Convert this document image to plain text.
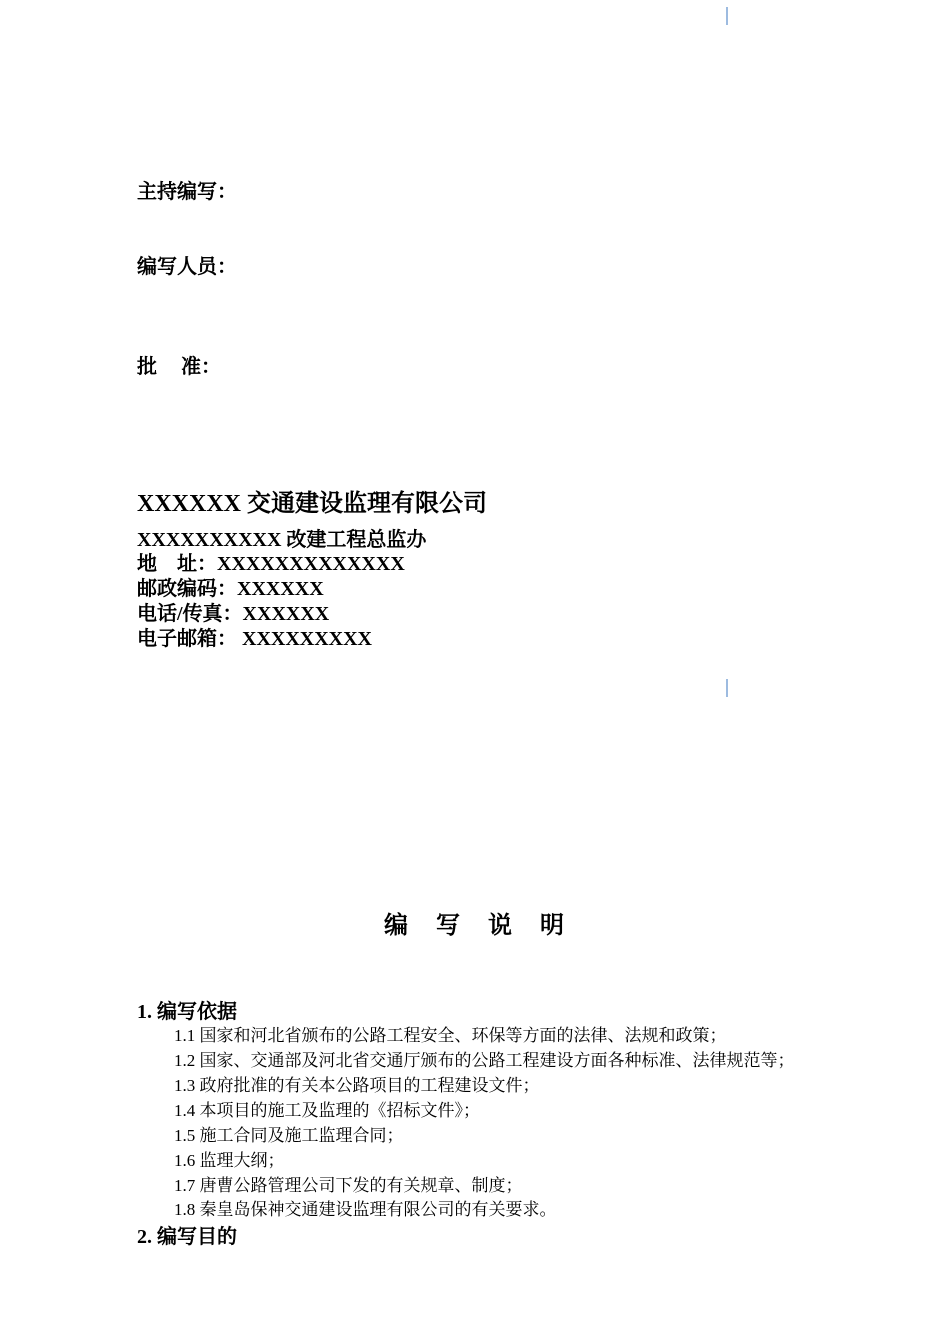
主持编写：
编写人员：
批 准：
XXXXXX 交通建设监理有限公司
XXXXXXXXXX 改建工程总监办
地　址：XXXXXXXXXXXXX
邮政编码：XXXXXX
电话/传真：XXXXXX
电子邮箱： XXXXXXXXX
编 写 说 明
1. 编写依据
1.1 国家和河北省颁布的公路工程安全、环保等方面的法律、法规和政策；
1.2 国家、交通部及河北省交通厅颁布的公路工程建设方面各种标准、法律规范等；
1.3 政府批准的有关本公路项目的工程建设文件；
1.4 本项目的施工及监理的《招标文件》；
1.5 施工合同及施工监理合同；
1.6 监理大纲；
1.7 唐曹公路管理公司下发的有关规章、制度；
1.8 秦皇岛保神交通建设监理有限公司的有关要求。
2. 编写目的
